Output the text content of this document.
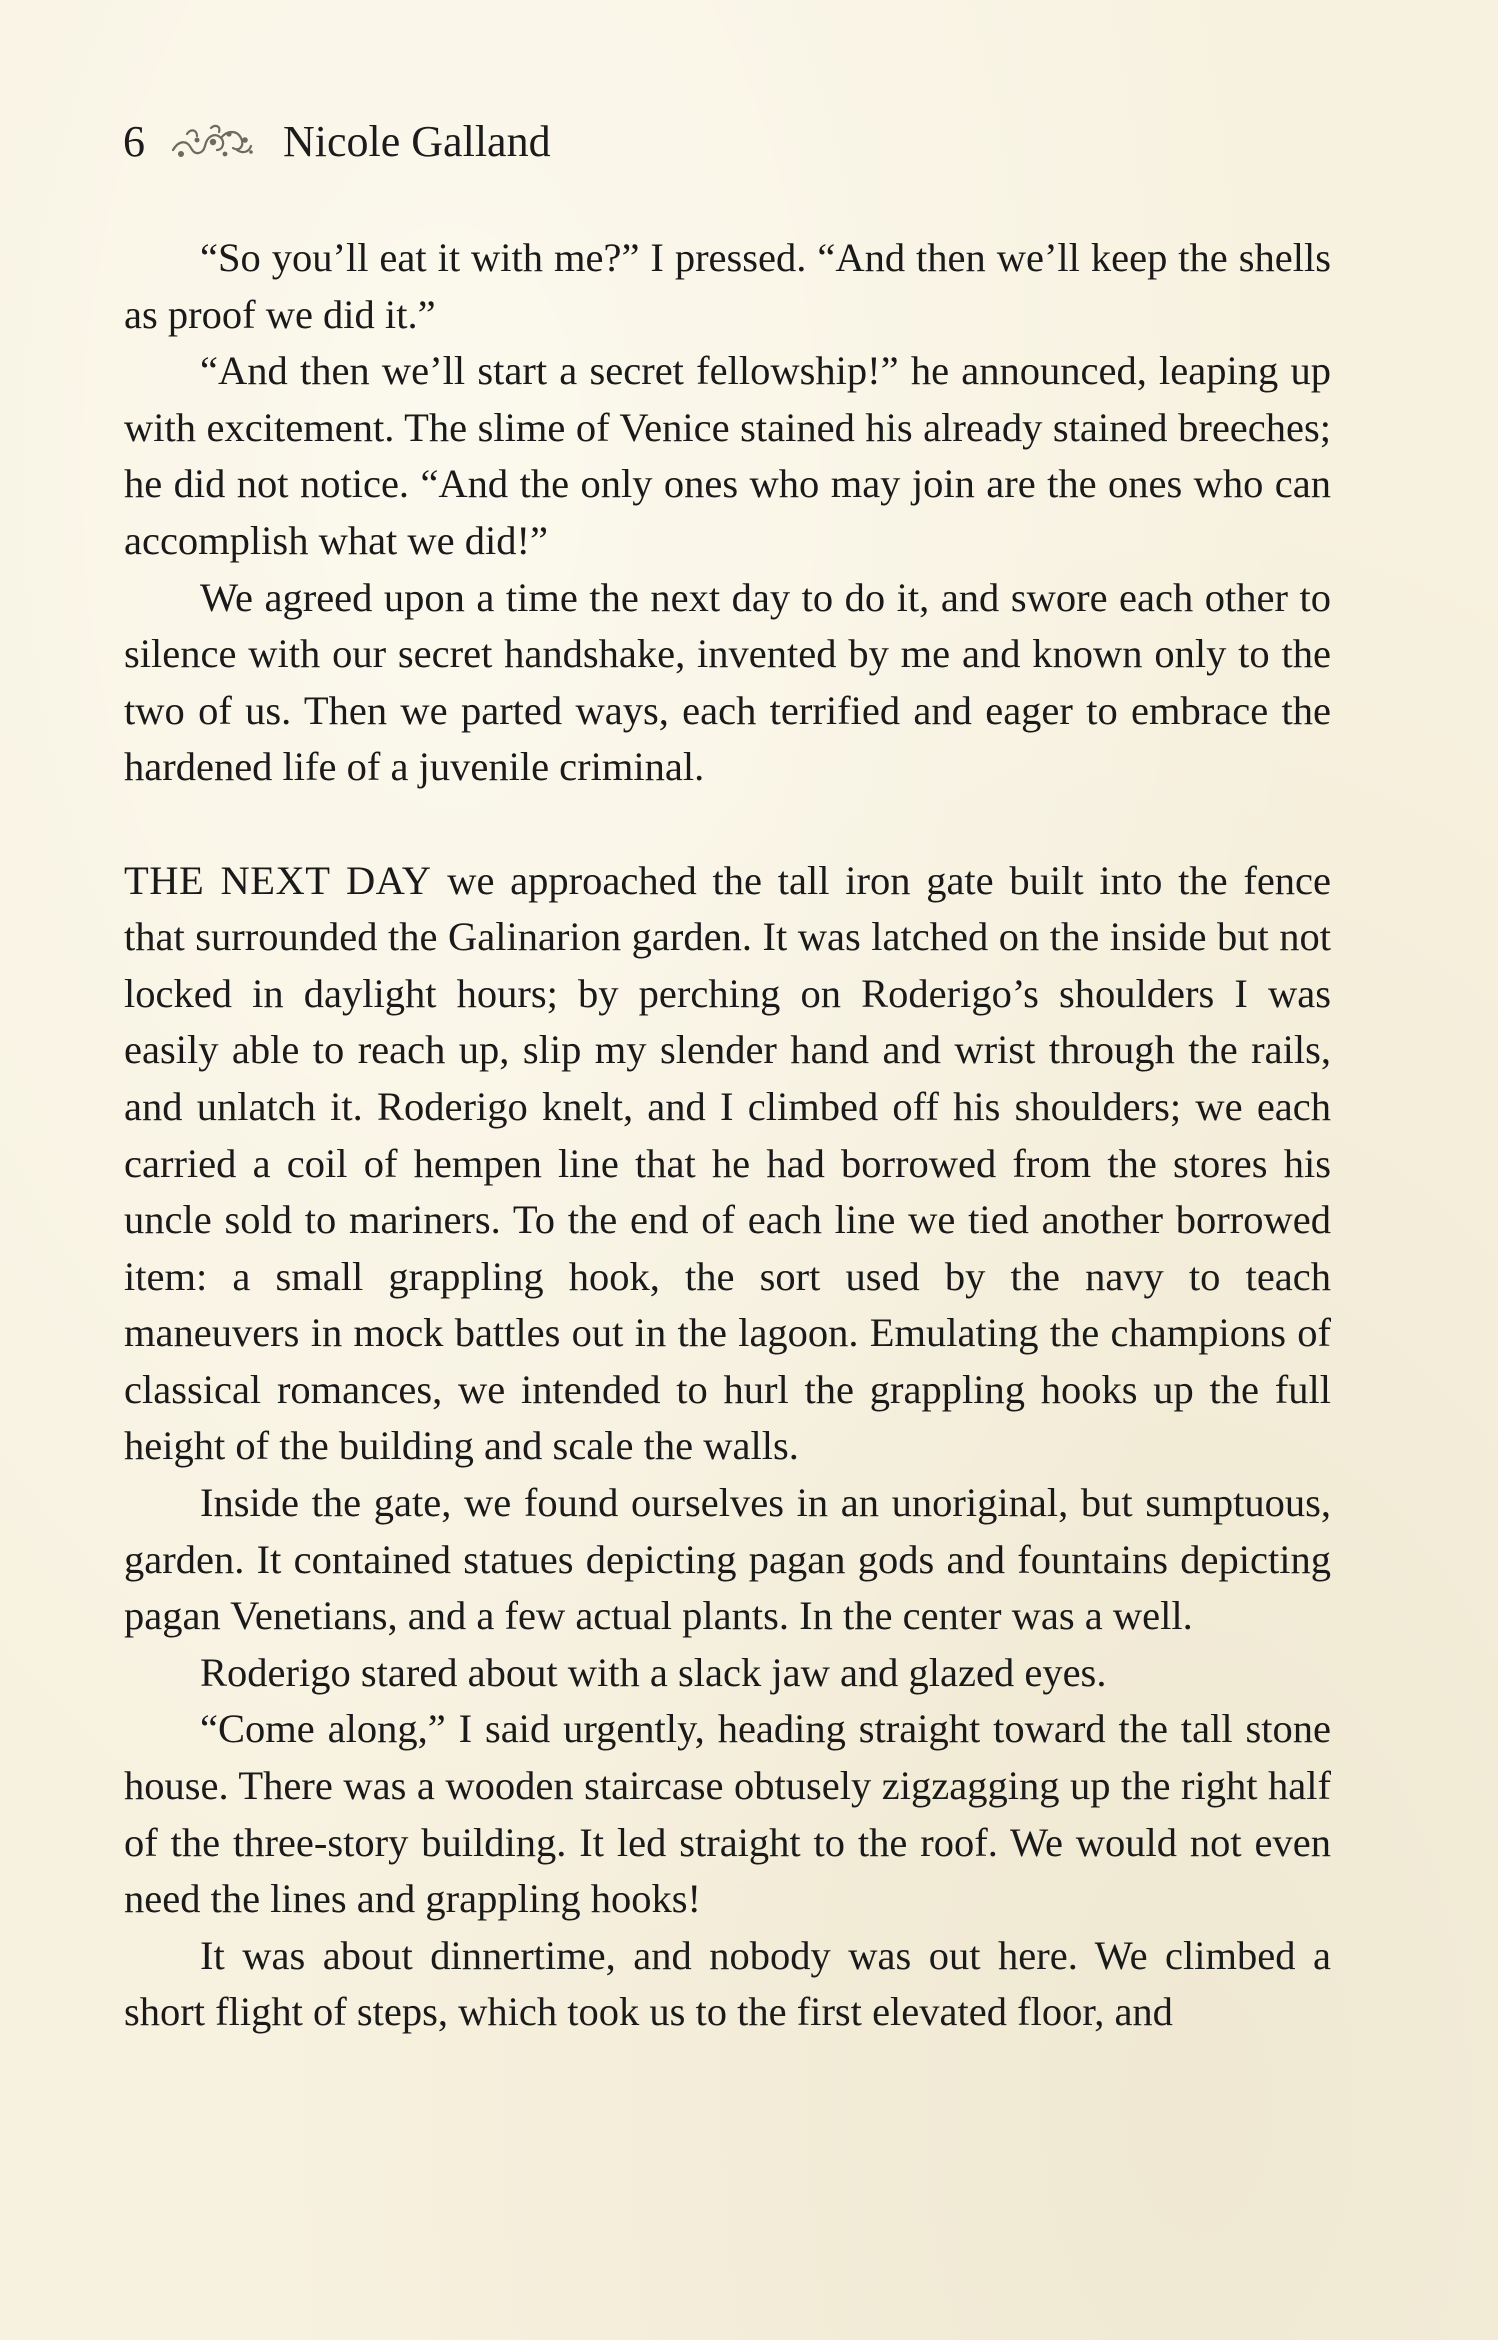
6	Nicole Galland

“So you’ll eat it with me?” I pressed. “And then we’ll keep the shells as proof we did it.”

“And then we’ll start a secret fellowship!” he announced, leaping up with excitement. The slime of Venice stained his already stained breeches; he did not notice. “And the only ones who may join are the ones who can accomplish what we did!”

We agreed upon a time the next day to do it, and swore each other to silence with our secret handshake, invented by me and known only to the two of us. Then we parted ways, each terrified and eager to embrace the hardened life of a juvenile criminal.

THE NEXT DAY we approached the tall iron gate built into the fence that surrounded the Galinarion garden. It was latched on the inside but not locked in daylight hours; by perching on Roderigo’s shoulders I was easily able to reach up, slip my slender hand and wrist through the rails, and unlatch it. Roderigo knelt, and I climbed off his shoulders; we each carried a coil of hempen line that he had borrowed from the stores his uncle sold to mariners. To the end of each line we tied another borrowed item: a small grappling hook, the sort used by the navy to teach maneuvers in mock battles out in the lagoon. Emulating the champions of classical romances, we intended to hurl the grappling hooks up the full height of the building and scale the walls.

Inside the gate, we found ourselves in an unoriginal, but sumptuous, garden. It contained statues depicting pagan gods and fountains depicting pagan Venetians, and a few actual plants. In the center was a well.

Roderigo stared about with a slack jaw and glazed eyes.

“Come along,” I said urgently, heading straight toward the tall stone house. There was a wooden staircase obtusely zigzagging up the right half of the three-story building. It led straight to the roof. We would not even need the lines and grappling hooks!

It was about dinnertime, and nobody was out here. We climbed a short flight of steps, which took us to the first elevated floor, and
